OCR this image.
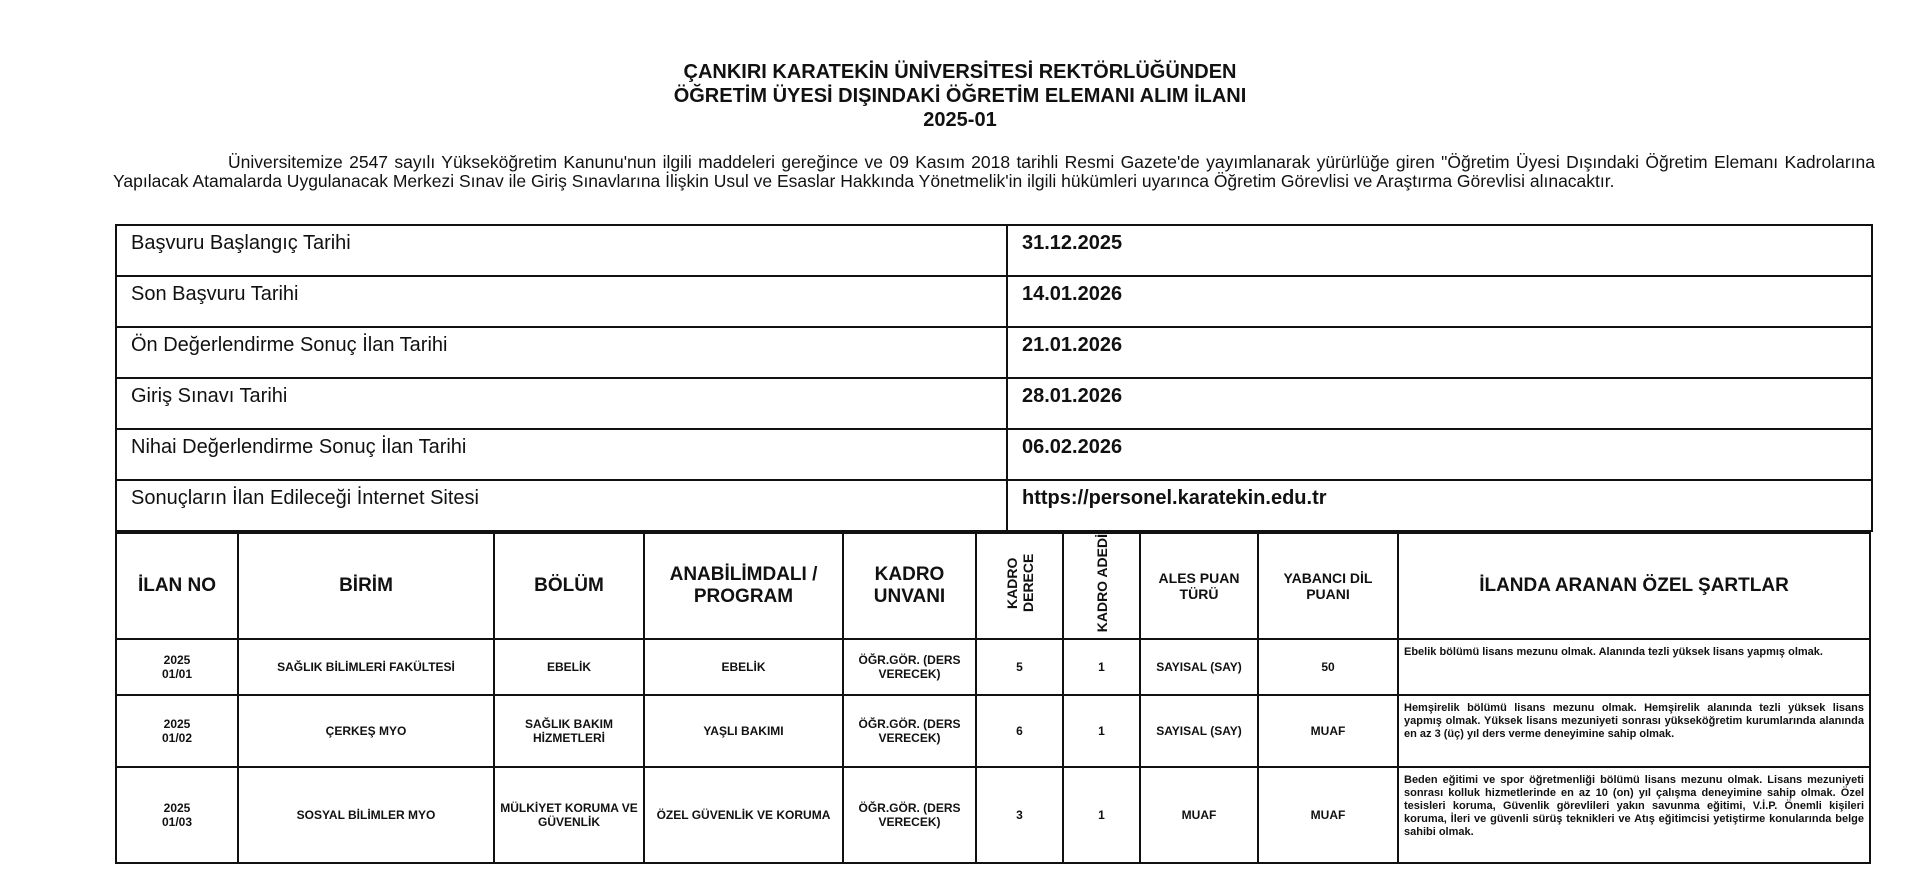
ÇANKIRI KARATEKİN ÜNİVERSİTESİ REKTÖRLÜĞÜNDEN
ÖĞRETİM ÜYESİ DIŞINDAKİ ÖĞRETİM ELEMANI ALIM İLANI
2025-01
Üniversitemize 2547 sayılı Yükseköğretim Kanunu'nun ilgili maddeleri gereğince ve 09 Kasım 2018 tarihli Resmi Gazete'de yayımlanarak yürürlüğe giren "Öğretim Üyesi Dışındaki Öğretim Elemanı Kadrolarına Yapılacak Atamalarda Uygulanacak Merkezi Sınav ile Giriş Sınavlarına İlişkin Usul ve Esaslar Hakkında Yönetmelik'in ilgili hükümleri uyarınca Öğretim Görevlisi ve Araştırma Görevlisi alınacaktır.
Başvuru Başlangıç Tarihi	31.12.2025
Son Başvuru Tarihi	14.01.2026
Ön Değerlendirme Sonuç İlan Tarihi	21.01.2026
Giriş Sınavı Tarihi	28.01.2026
Nihai Değerlendirme Sonuç İlan Tarihi	06.02.2026
Sonuçların İlan Edileceği İnternet Sitesi	https://personel.karatekin.edu.tr
İLAN NO	BİRİM	BÖLÜM	ANABİLİMDALI / PROGRAM	KADRO UNVANI	KADRO DERECE	KADRO ADEDİ	ALES PUAN TÜRÜ	YABANCI DİL PUANI	İLANDA ARANAN ÖZEL ŞARTLAR

2025
01/01	SAĞLIK BİLİMLERİ FAKÜLTESİ	EBELİK	EBELİK	ÖĞR.GÖR. (DERS VERECEK)	5	1	SAYISAL (SAY)	50	Ebelik bölümü lisans mezunu olmak. Alanında tezli yüksek lisans yapmış olmak.

2025
01/02	ÇERKEŞ MYO	SAĞLIK BAKIM HİZMETLERİ	YAŞLI BAKIMI	ÖĞR.GÖR. (DERS VERECEK)	6	1	SAYISAL (SAY)	MUAF	Hemşirelik bölümü lisans mezunu olmak. Hemşirelik alanında tezli yüksek lisans yapmış olmak. Yüksek lisans mezuniyeti sonrası yükseköğretim kurumlarında alanında en az 3 (üç) yıl ders verme deneyimine sahip olmak.

2025
01/03	SOSYAL BİLİMLER MYO	MÜLKİYET KORUMA VE GÜVENLİK	ÖZEL GÜVENLİK VE KORUMA	ÖĞR.GÖR. (DERS VERECEK)	3	1	MUAF	MUAF	Beden eğitimi ve spor öğretmenliği bölümü lisans mezunu olmak. Lisans mezuniyeti sonrası kolluk hizmetlerinde en az 10 (on) yıl çalışma deneyimine sahip olmak. Özel tesisleri koruma, Güvenlik görevlileri yakın savunma eğitimi, V.İ.P. Önemli kişileri koruma, İleri ve güvenli sürüş teknikleri ve Atış eğitimcisi yetiştirme konularında belge sahibi olmak.
